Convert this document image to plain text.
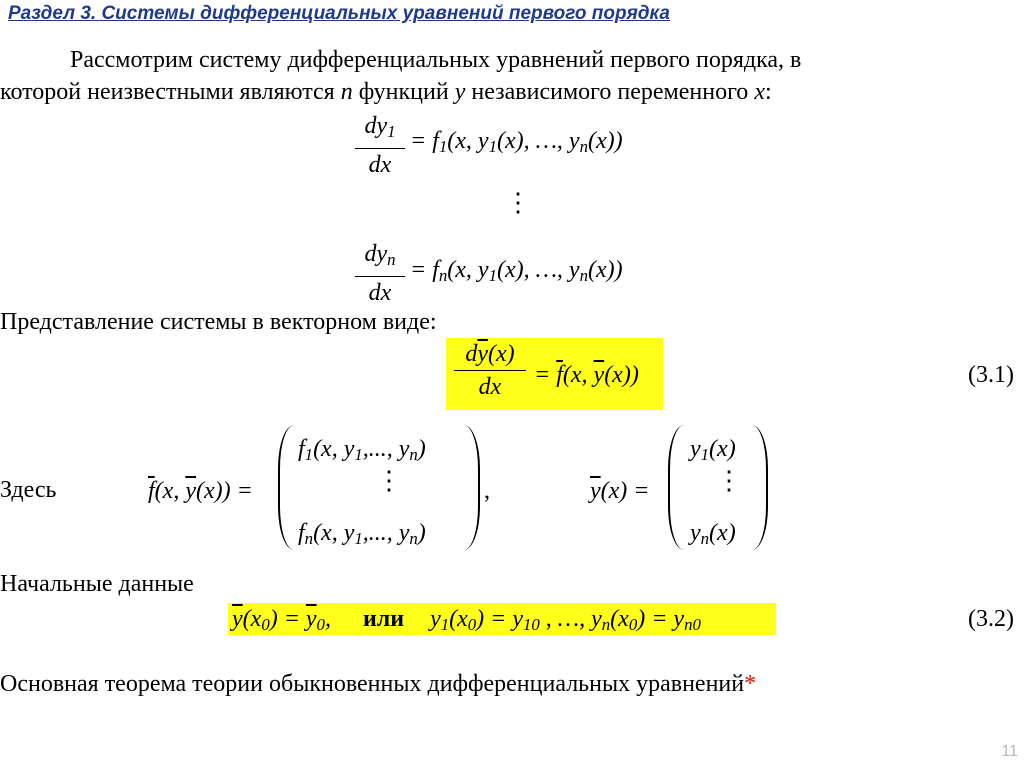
Раздел 3. Системы дифференциальных уравнений первого порядка
Рассмотрим систему дифференциальных уравнений первого порядка, в
которой неизвестными являются n функций y независимого переменного x:
$dy_1$
dx
= $f_1(x$, $y_1(x)$, …, $y_n(x)$)
⋮
$dy_n$
dx
= $f_n(x$, $y_1(x)$, …, $y_n(x)$)
Представление системы в векторном виде:
$d\overline{y}(x)$
dx	= $\overline{f}(x$, $\overline{y}(x)$)	(3.1)
Здесь	$\overline{f}(x$, $\overline{y}(x)$) =
$f_1(x$, $y_1$,..., $y_n$)
⋮
$f_n(x$, $y_1$,..., $y_n$)
,	$\overline{y}(x)$ =
$y_1(x)$
⋮
$y_n(x)$
Начальные данные
$\overline{y}(x_0) = \overline{y}_0$, или $y_1(x_0) = y_{10}$ , …, $y_n(x_0) = y_{n0}$	(3.2)
Основная теорема теории обыкновенных дифференциальных уравнений*
11
